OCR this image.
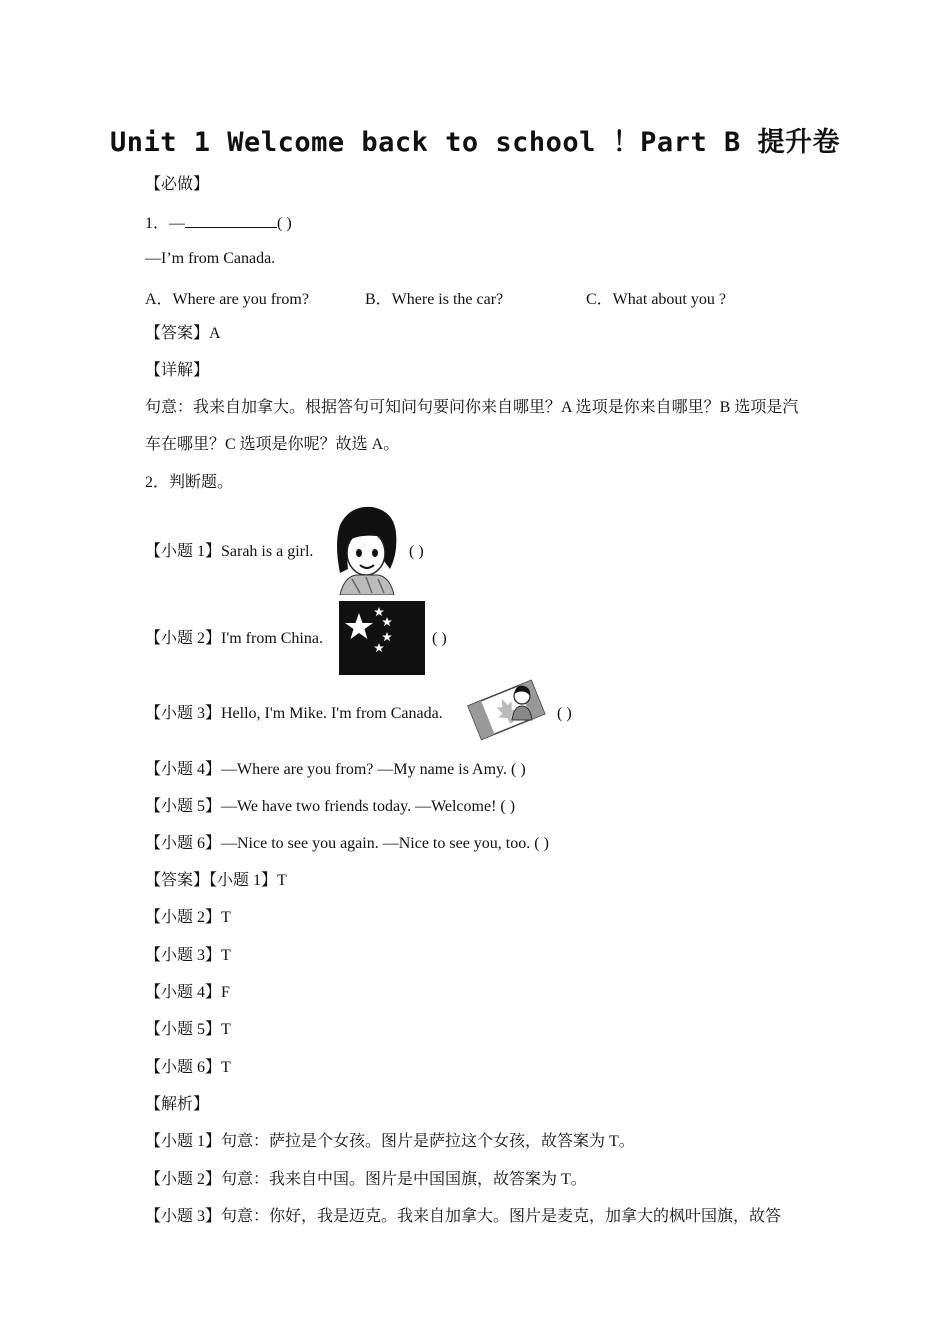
Unit 1 Welcome back to school ！Part B 提升卷
【必做】
1．—	( )
—I’m from Canada.
A．Where are you from?	B．Where is the car?	C．What about you ?
【答案】A
【详解】
句意：我来自加拿大。根据答句可知问句要问你来自哪里？A 选项是你来自哪里？B 选项是汽车在哪里？C 选项是你呢？故选 A。
2．判断题。
【小题 1】Sarah is a girl.	( )
【小题 2】I'm from China.	( )
【小题 3】Hello, I'm Mike. I'm from Canada.	( )
【小题 4】—Where are you from? —My name is Amy. ( )
【小题 5】—We have two friends today. —Welcome! ( )
【小题 6】—Nice to see you again. —Nice to see you, too. ( )
【答案】【小题 1】T
【小题 2】T
【小题 3】T
【小题 4】F
【小题 5】T
【小题 6】T
【解析】
【小题 1】句意：萨拉是个女孩。图片是萨拉这个女孩，故答案为 T。
【小题 2】句意：我来自中国。图片是中国国旗，故答案为 T。
【小题 3】句意：你好，我是迈克。我来自加拿大。图片是麦克，加拿大的枫叶国旗，故答
